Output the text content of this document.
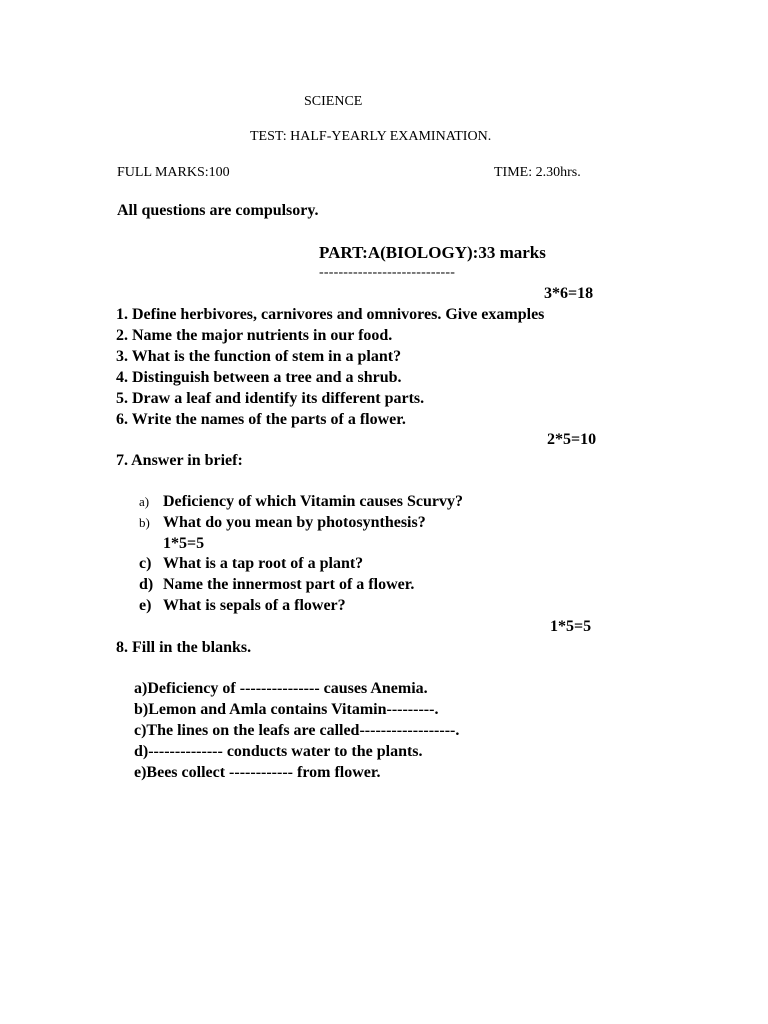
SCIENCE
TEST: HALF-YEARLY EXAMINATION.
FULL MARKS:100	TIME: 2.30hrs.
All questions are compulsory.
PART:A(BIOLOGY):33 marks
----------------------------
3*6=18
1. Define herbivores, carnivores and omnivores. Give examples
2. Name the major nutrients in our food.
3. What is the function of stem in a plant?
4. Distinguish between a tree and a shrub.
5. Draw a leaf and identify its different parts.
6. Write the names of the parts of a flower.
2*5=10
7. Answer in brief:
a) Deficiency of which Vitamin causes Scurvy?
b) What do you mean by photosynthesis?
1*5=5
c) What is a tap root of a plant?
d) Name the innermost part of a flower.
e) What is sepals of a flower?
1*5=5
8. Fill in the blanks.
a)Deficiency of --------------- causes Anemia.
b)Lemon and Amla contains Vitamin---------.
c)The lines on the leafs are called------------------.
d)-------------- conducts water to the plants.
e)Bees collect ------------ from flower.
